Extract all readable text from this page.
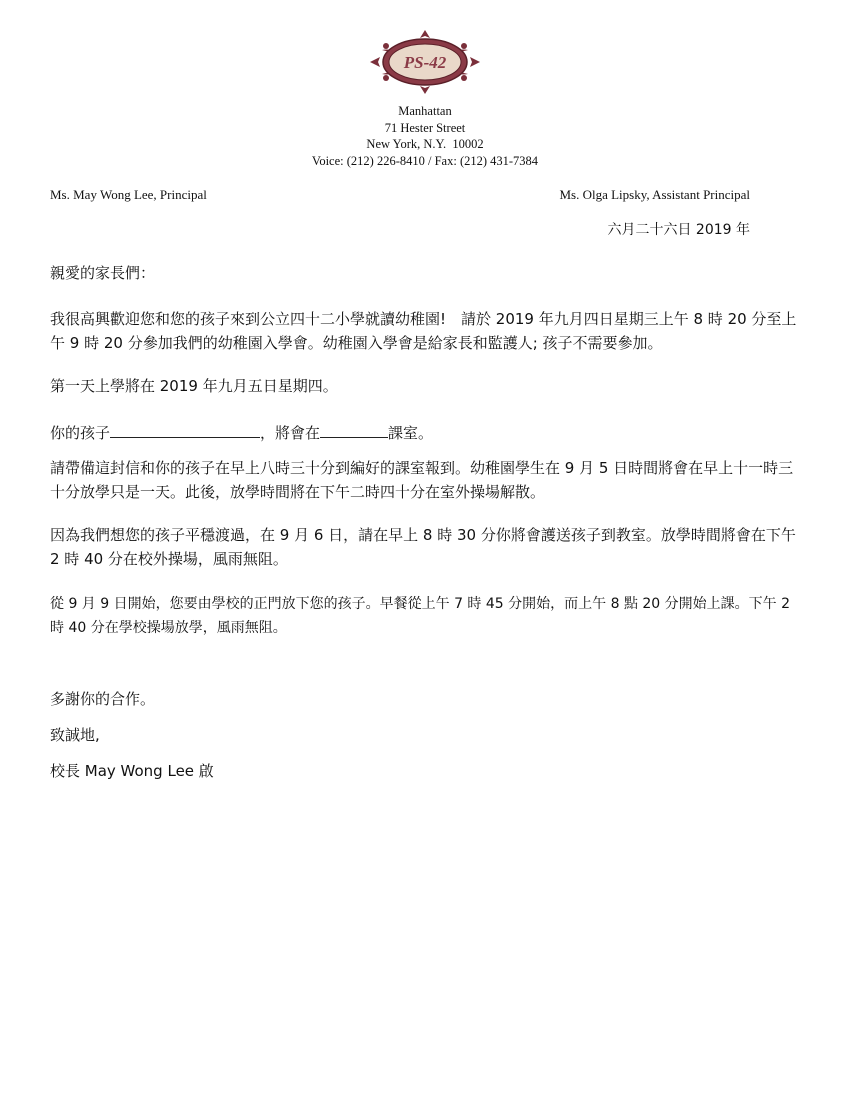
PS-42
Manhattan
71 Hester Street
New York, N.Y.  10002
Voice: (212) 226-8410 / Fax: (212) 431-7384
Ms. May Wong Lee, Principal	Ms. Olga Lipsky, Assistant Principal
六月二十六日 2019 年

親愛的家長們：

我很高興歡迎您和您的孩子來到公立四十二小學就讀幼稚園!　請於 2019 年九月四日星期三上午 8 時 20 分至上午 9 時 20 分參加我們的幼稚園入學會。幼稚園入學會是給家長和監護人; 孩子不需要參加。

第一天上學將在 2019 年九月五日星期四。

你的孩子	，將會在	課室。

請帶備這封信和你的孩子在早上八時三十分到編好的課室報到。幼稚園學生在 9 月 5 日時間將會在早上十一時三十分放學只是一天。此後，放學時間將在下午二時四十分在室外操場解散。

因為我們想您的孩子平穩渡過，在 9 月 6 日，請在早上 8 時 30 分你將會護送孩子到教室。放學時間將會在下午 2 時 40 分在校外操場，風雨無阻。

從 9 月 9 日開始，您要由學校的正門放下您的孩子。早餐從上午 7 時 45 分開始，而上午 8 點 20 分開始上課。下午 2 時 40 分在學校操場放學，風雨無阻。

多謝你的合作。

致誠地,

校長 May Wong Lee 啟
